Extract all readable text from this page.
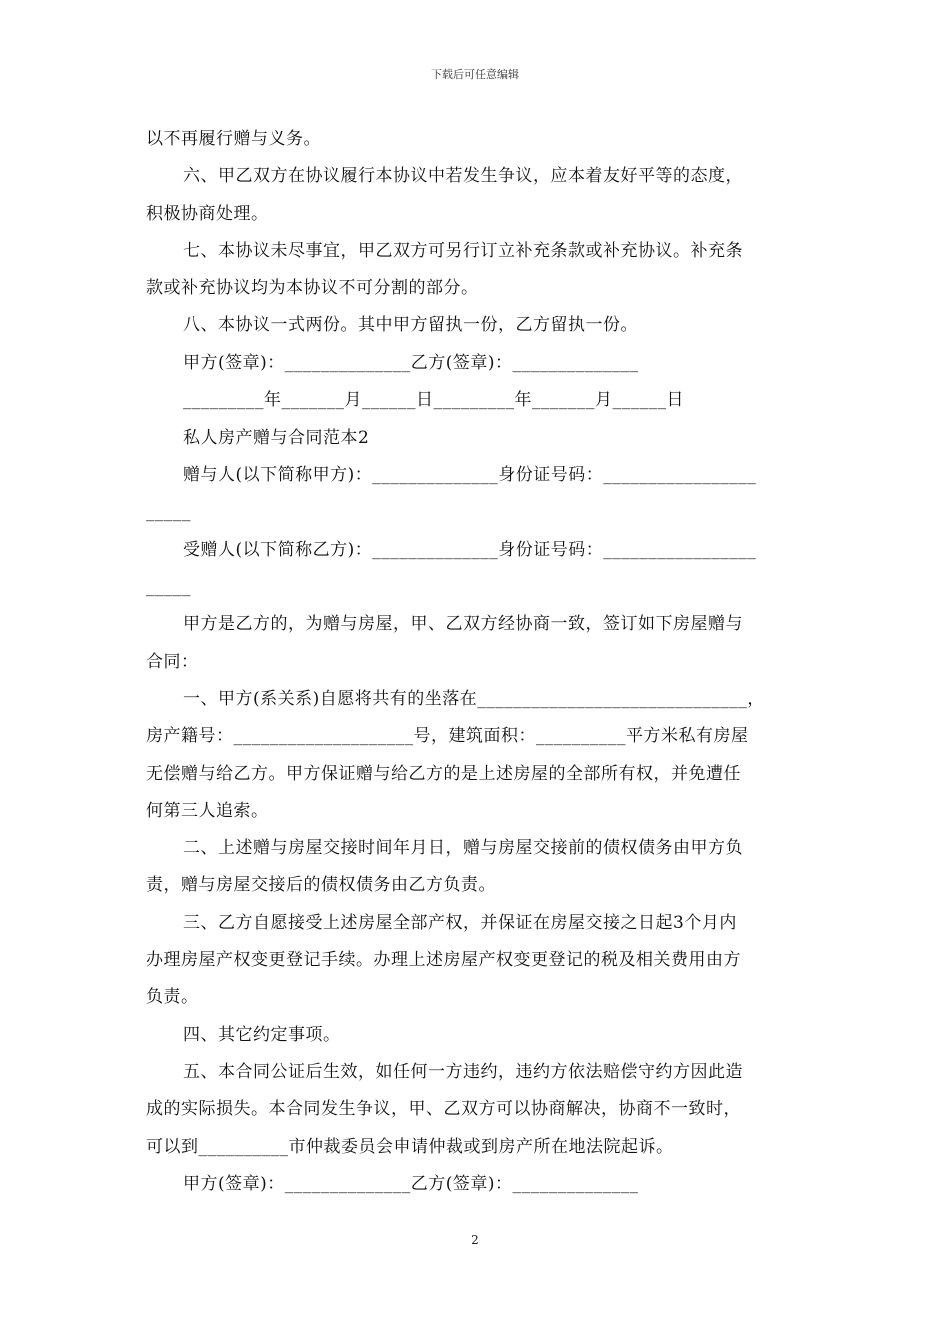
下载后可任意编辑
以不再履行赠与义务。
六、甲乙双方在协议履行本协议中若发生争议，应本着友好平等的态度，
积极协商处理。
七、本协议未尽事宜，甲乙双方可另行订立补充条款或补充协议。补充条
款或补充协议均为本协议不可分割的部分。
八、本协议一式两份。其中甲方留执一份，乙方留执一份。
甲方(签章)：______________乙方(签章)：______________
_________年_______月______日_________年_______月______日
私人房产赠与合同范本2
赠与人(以下简称甲方)：______________身份证号码：_________________
_____
受赠人(以下简称乙方)：______________身份证号码：_________________
_____
甲方是乙方的，为赠与房屋，甲、乙双方经协商一致，签订如下房屋赠与
合同：
一、甲方(系关系)自愿将共有的坐落在______________________________，
房产籍号：____________________号，建筑面积：__________平方米私有房屋
无偿赠与给乙方。甲方保证赠与给乙方的是上述房屋的全部所有权，并免遭任
何第三人追索。
二、上述赠与房屋交接时间年月日，赠与房屋交接前的债权债务由甲方负
责，赠与房屋交接后的债权债务由乙方负责。
三、乙方自愿接受上述房屋全部产权，并保证在房屋交接之日起3个月内
办理房屋产权变更登记手续。办理上述房屋产权变更登记的税及相关费用由方
负责。
四、其它约定事项。
五、本合同公证后生效，如任何一方违约，违约方依法赔偿守约方因此造
成的实际损失。本合同发生争议，甲、乙双方可以协商解决，协商不一致时，
可以到__________市仲裁委员会申请仲裁或到房产所在地法院起诉。
甲方(签章)：______________乙方(签章)：______________
2
